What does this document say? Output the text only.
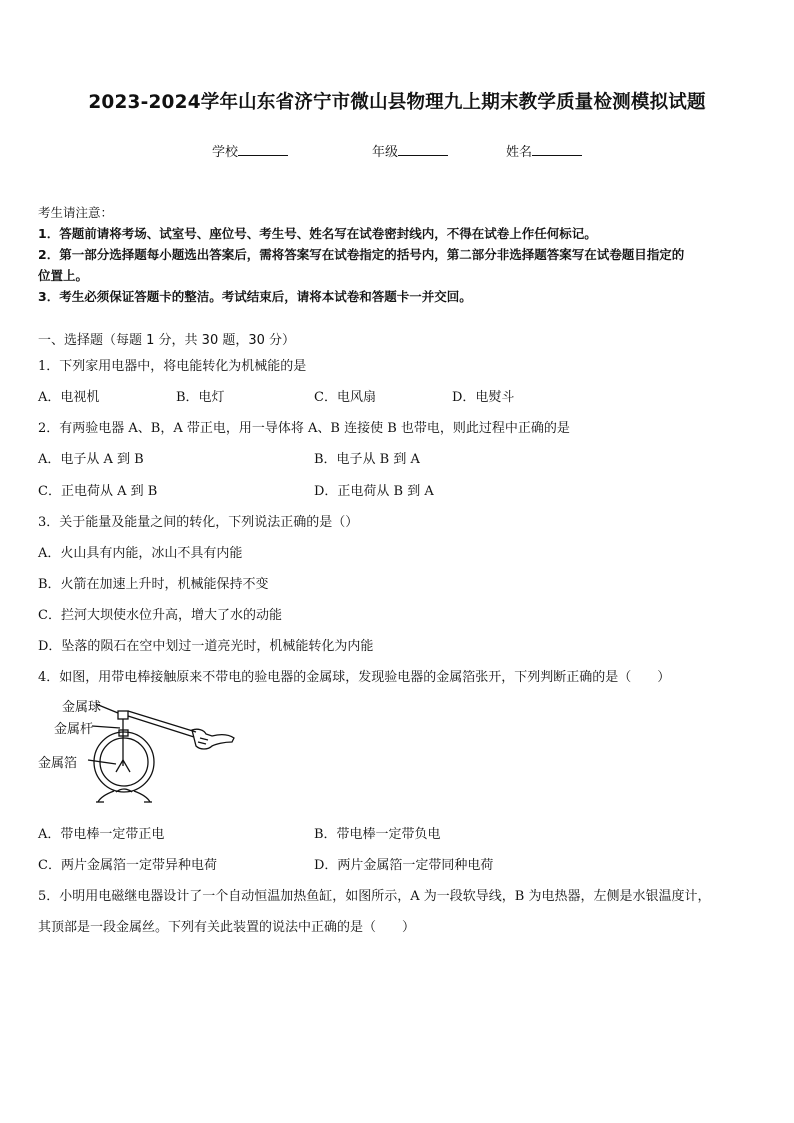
2023-2024学年山东省济宁市微山县物理九上期末教学质量检测模拟试题
学校	年级	姓名
考生请注意：
1．答题前请将考场、试室号、座位号、考生号、姓名写在试卷密封线内，不得在试卷上作任何标记。
2．第一部分选择题每小题选出答案后，需将答案写在试卷指定的括号内，第二部分非选择题答案写在试卷题目指定的
位置上。
3．考生必须保证答题卡的整洁。考试结束后，请将本试卷和答题卡一并交回。
一、选择题（每题 1 分，共 30 题，30 分）
1．下列家用电器中，将电能转化为机械能的是
A．电视机	B．电灯	C．电风扇	D．电熨斗
2．有两验电器 A、B，A 带正电，用一导体将 A、B 连接使 B 也带电，则此过程中正确的是
A．电子从 A 到 B	B．电子从 B 到 A
C．正电荷从 A 到 B	D．正电荷从 B 到 A
3．关于能量及能量之间的转化，下列说法正确的是（）
A．火山具有内能，冰山不具有内能
B．火箭在加速上升时，机械能保持不变
C．拦河大坝使水位升高，增大了水的动能
D．坠落的陨石在空中划过一道亮光时，机械能转化为内能
4．如图，用带电棒接触原来不带电的验电器的金属球，发现验电器的金属箔张开，下列判断正确的是（　　）
金属球
金属杆
金属箔
A．带电棒一定带正电	B．带电棒一定带负电
C．两片金属箔一定带异种电荷	D．两片金属箔一定带同种电荷
5．小明用电磁继电器设计了一个自动恒温加热鱼缸，如图所示，A 为一段软导线，B 为电热器，左侧是水银温度计，
其顶部是一段金属丝。下列有关此装置的说法中正确的是（　　）
